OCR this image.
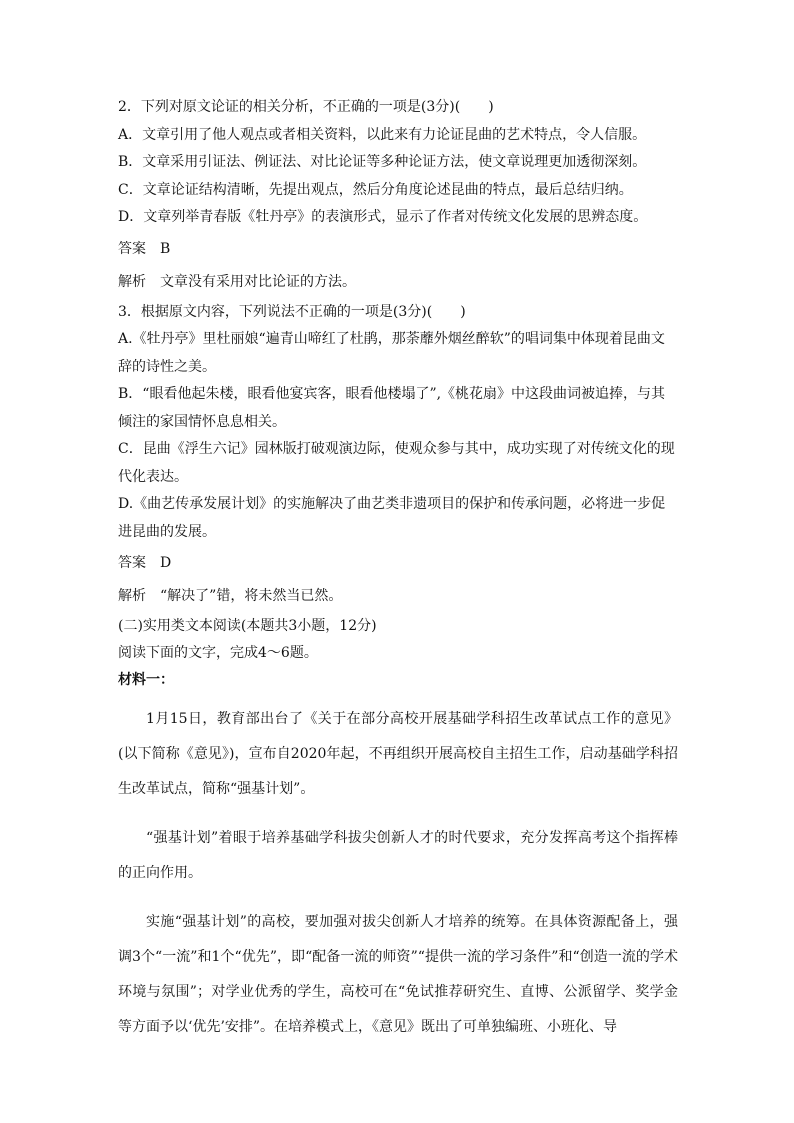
2．下列对原文论证的相关分析，不正确的一项是(3分)(　　)
A．文章引用了他人观点或者相关资料，以此来有力论证昆曲的艺术特点，令人信服。
B．文章采用引证法、例证法、对比论证等多种论证方法，使文章说理更加透彻深刻。
C．文章论证结构清晰，先提出观点，然后分角度论述昆曲的特点，最后总结归纳。
D．文章列举青春版《牡丹亭》的表演形式，显示了作者对传统文化发展的思辨态度。
答案 B
解析 文章没有采用对比论证的方法。
3．根据原文内容，下列说法不正确的一项是(3分)(　　)
A.《牡丹亭》里杜丽娘“遍青山啼红了杜鹃，那荼蘼外烟丝醉软”的唱词集中体现着昆曲文辞的诗性之美。
B．“眼看他起朱楼，眼看他宴宾客，眼看他楼塌了”,《桃花扇》中这段曲词被追捧，与其倾注的家国情怀息息相关。
C．昆曲《浮生六记》园林版打破观演边际，使观众参与其中，成功实现了对传统文化的现代化表达。
D.《曲艺传承发展计划》的实施解决了曲艺类非遗项目的保护和传承问题，必将进一步促进昆曲的发展。
答案 D
解析 “解决了”错，将未然当已然。
(二)实用类文本阅读(本题共3小题，12分)
阅读下面的文字，完成4～6题。
材料一：

1月15日，教育部出台了《关于在部分高校开展基础学科招生改革试点工作的意见》(以下简称《意见》)，宣布自2020年起，不再组织开展高校自主招生工作，启动基础学科招生改革试点，简称“强基计划”。

“强基计划”着眼于培养基础学科拔尖创新人才的时代要求，充分发挥高考这个指挥棒的正向作用。

实施“强基计划”的高校，要加强对拔尖创新人才培养的统筹。在具体资源配备上，强调3个“一流”和1个“优先”，即“配备一流的师资”“提供一流的学习条件”和“创造一流的学术环境与氛围”；对学业优秀的学生，高校可在“免试推荐研究生、直博、公派留学、奖学金等方面予以‘优先’安排”。在培养模式上，《意见》既出了可单独编班、小班化、导
